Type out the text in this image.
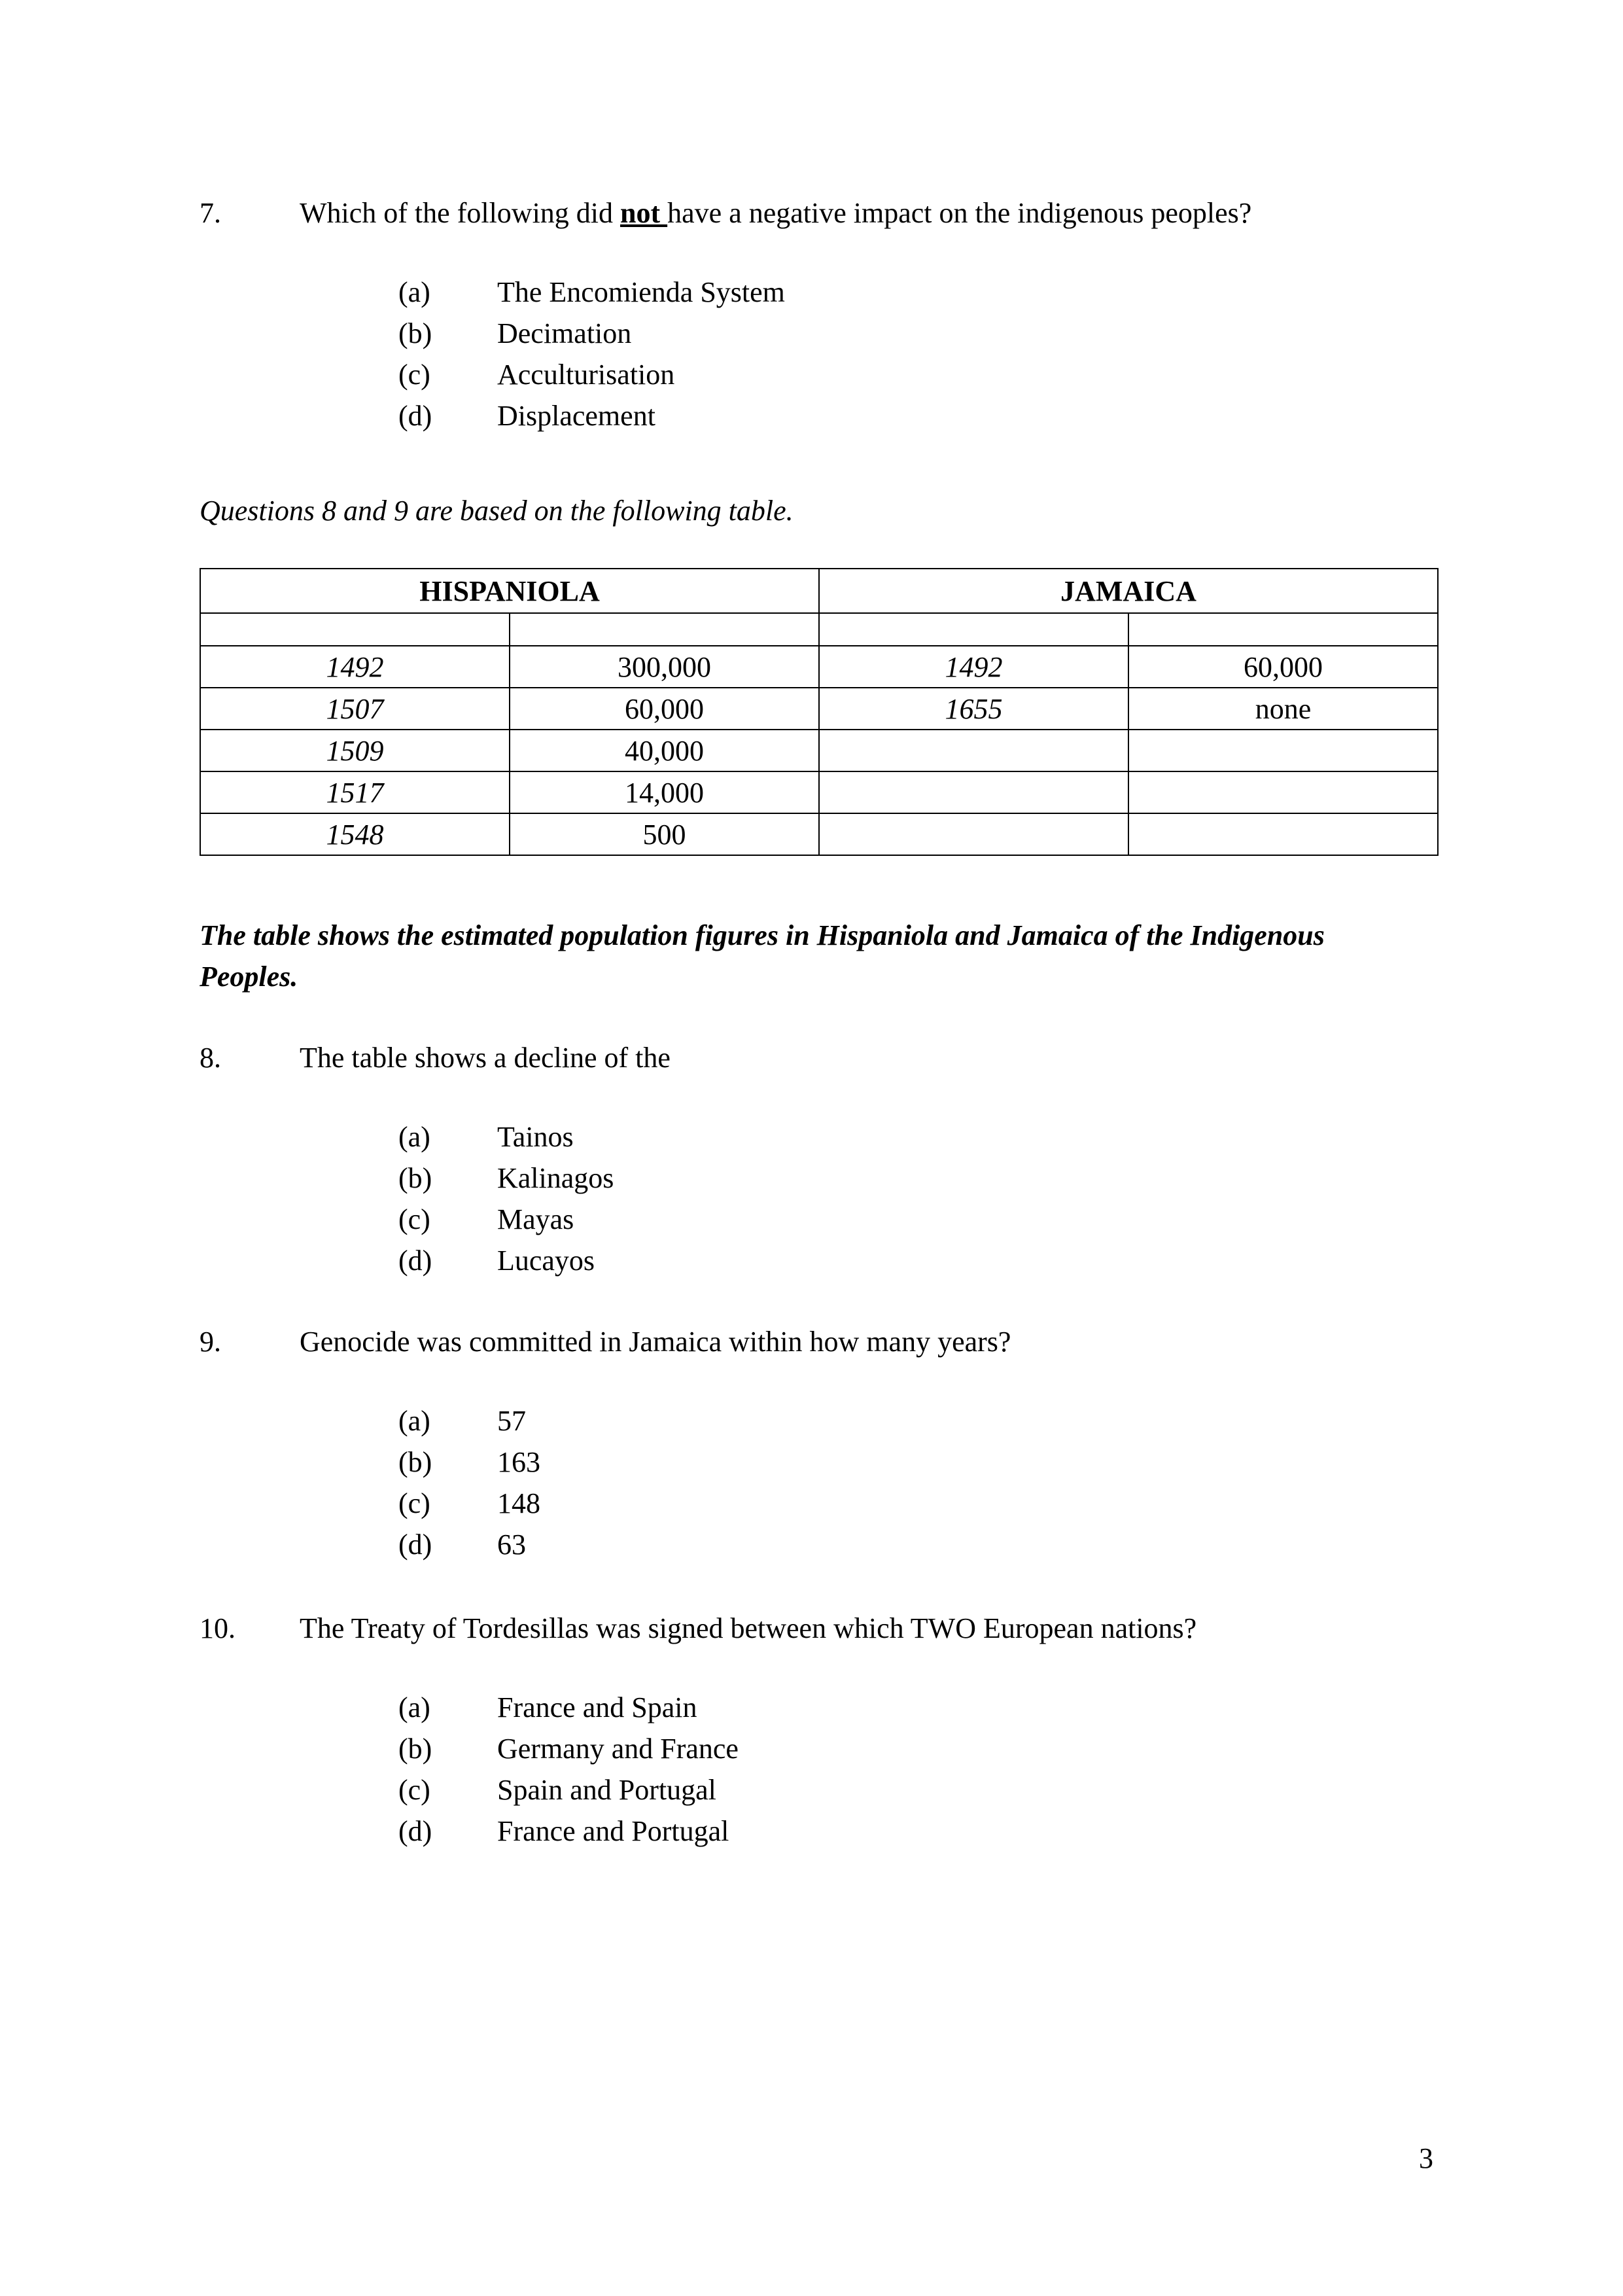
7.	Which of the following did not have a negative impact on the indigenous peoples?
(a)	The Encomienda System
(b)	Decimation
(c)	Acculturisation
(d)	Displacement
Questions 8 and 9 are based on the following table.
HISPANIOLA		JAMAICA	

1492	300,000	1492	60,000
1507	60,000	1655	none
1509	40,000		
1517	14,000		
1548	500		
The table shows the estimated population figures in Hispaniola and Jamaica of the Indigenous Peoples.
8.	The table shows a decline of the
(a)	Tainos
(b)	Kalinagos
(c)	Mayas
(d)	Lucayos
9.	Genocide was committed in Jamaica within how many years?
(a)	57
(b)	163
(c)	148
(d)	63
10.	The Treaty of Tordesillas was signed between which TWO European nations?
(a)	France and Spain
(b)	Germany and France
(c)	Spain and Portugal
(d)	France and Portugal
3
